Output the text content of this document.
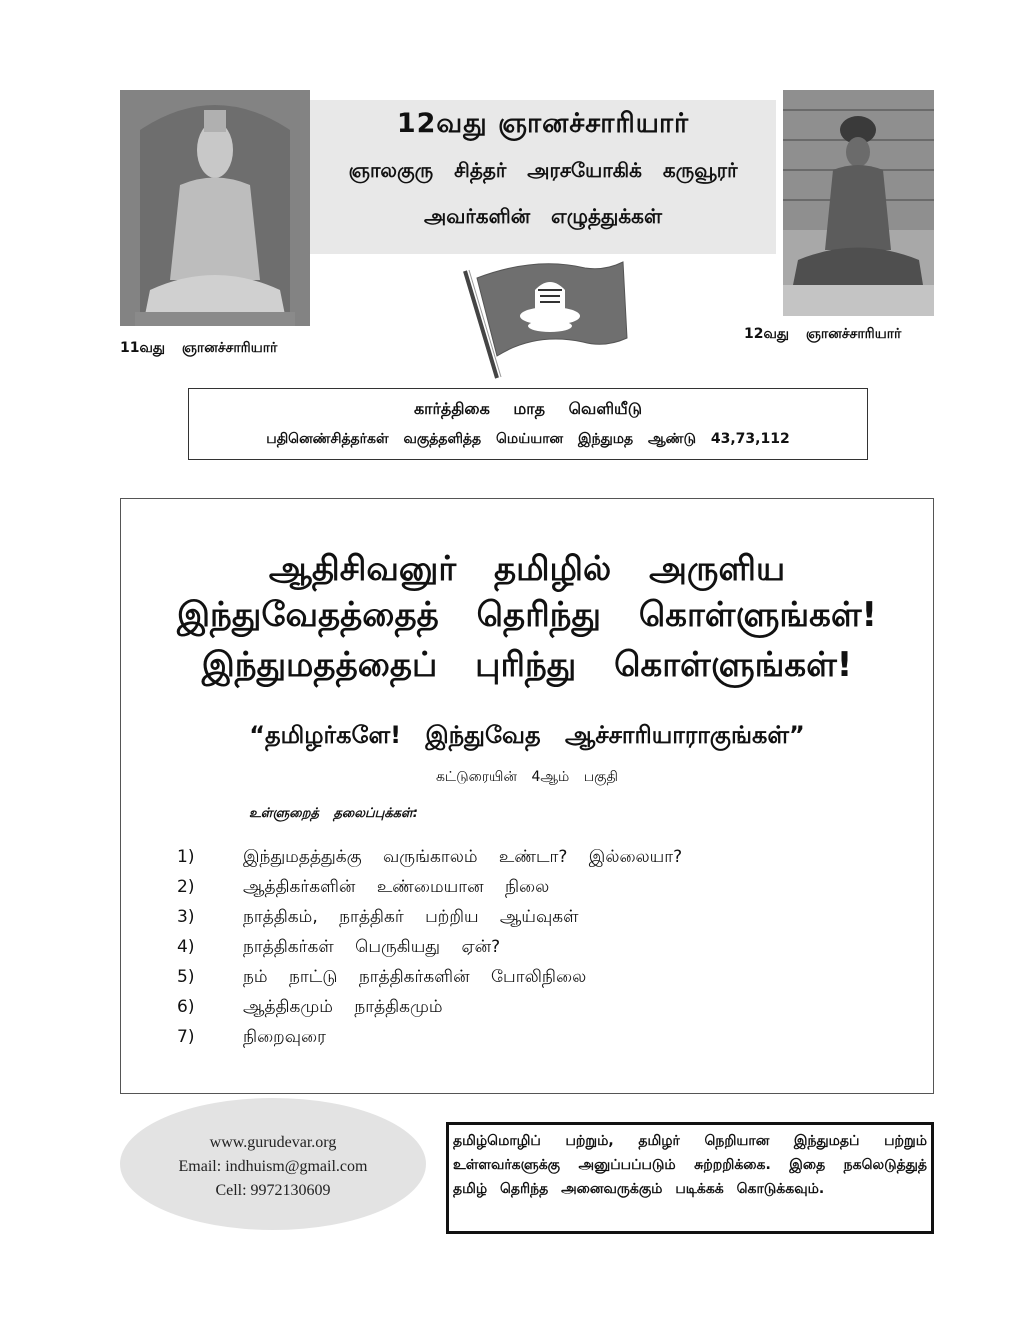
12வது ஞானச்சாரியார்
ஞாலகுரு சித்தர் அரசயோகிக் கருவூரர்
அவர்களின் எழுத்துக்கள்
11வது ஞானச்சாரியார்
12வது ஞானச்சாரியார்
கார்த்திகை மாத வெளியீடு
பதினெண்சித்தர்கள் வகுத்தளித்த மெய்யான இந்துமத ஆண்டு 43,73,112
ஆதிசிவனுர் தமிழில் அருளிய
இந்துவேதத்தைத் தெரிந்து கொள்ளுங்கள்!
இந்துமதத்தைப் புரிந்து கொள்ளுங்கள்!
“தமிழர்களே! இந்துவேத ஆச்சாரியாராகுங்கள்”
கட்டுரையின் 4ஆம் பகுதி
உள்ளுறைத் தலைப்புக்கள்:
1)	இந்துமதத்துக்கு வருங்காலம் உண்டா? இல்லையா?
2)	ஆத்திகர்களின் உண்மையான நிலை
3)	நாத்திகம், நாத்திகர் பற்றிய ஆய்வுகள்
4)	நாத்திகர்கள் பெருகியது ஏன்?
5)	நம் நாட்டு நாத்திகர்களின் போலிநிலை
6)	ஆத்திகமும் நாத்திகமும்
7)	நிறைவுரை
www.gurudevar.org
Email: indhuism@gmail.com
Cell: 9972130609
தமிழ்மொழிப் பற்றும், தமிழர் நெறியான இந்துமதப் பற்றும் உள்ளவர்களுக்கு அனுப்பப்படும் சுற்றறிக்கை. இதை நகலெடுத்துத் தமிழ் தெரிந்த அனைவருக்கும் படிக்கக் கொடுக்கவும்.
